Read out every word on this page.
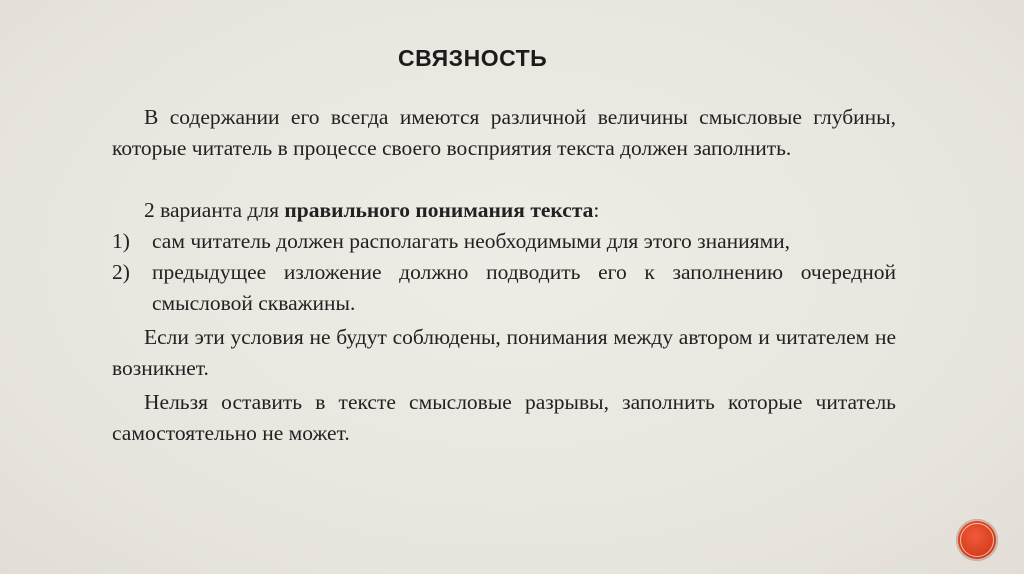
СВЯЗНОСТЬ

В содержании его всегда имеются различной величины смысловые глубины, которые читатель в процессе своего восприятия текста должен заполнить.

2 варианта для правильного понимания текста:

1) сам читатель должен располагать необходимыми для этого знаниями,

2) предыдущее изложение должно подводить его к заполнению очередной смысловой скважины.

Если эти условия не будут соблюдены, понимания между автором и читателем не возникнет.

Нельзя оставить в тексте смысловые разрывы, заполнить которые читатель самостоятельно не может.
